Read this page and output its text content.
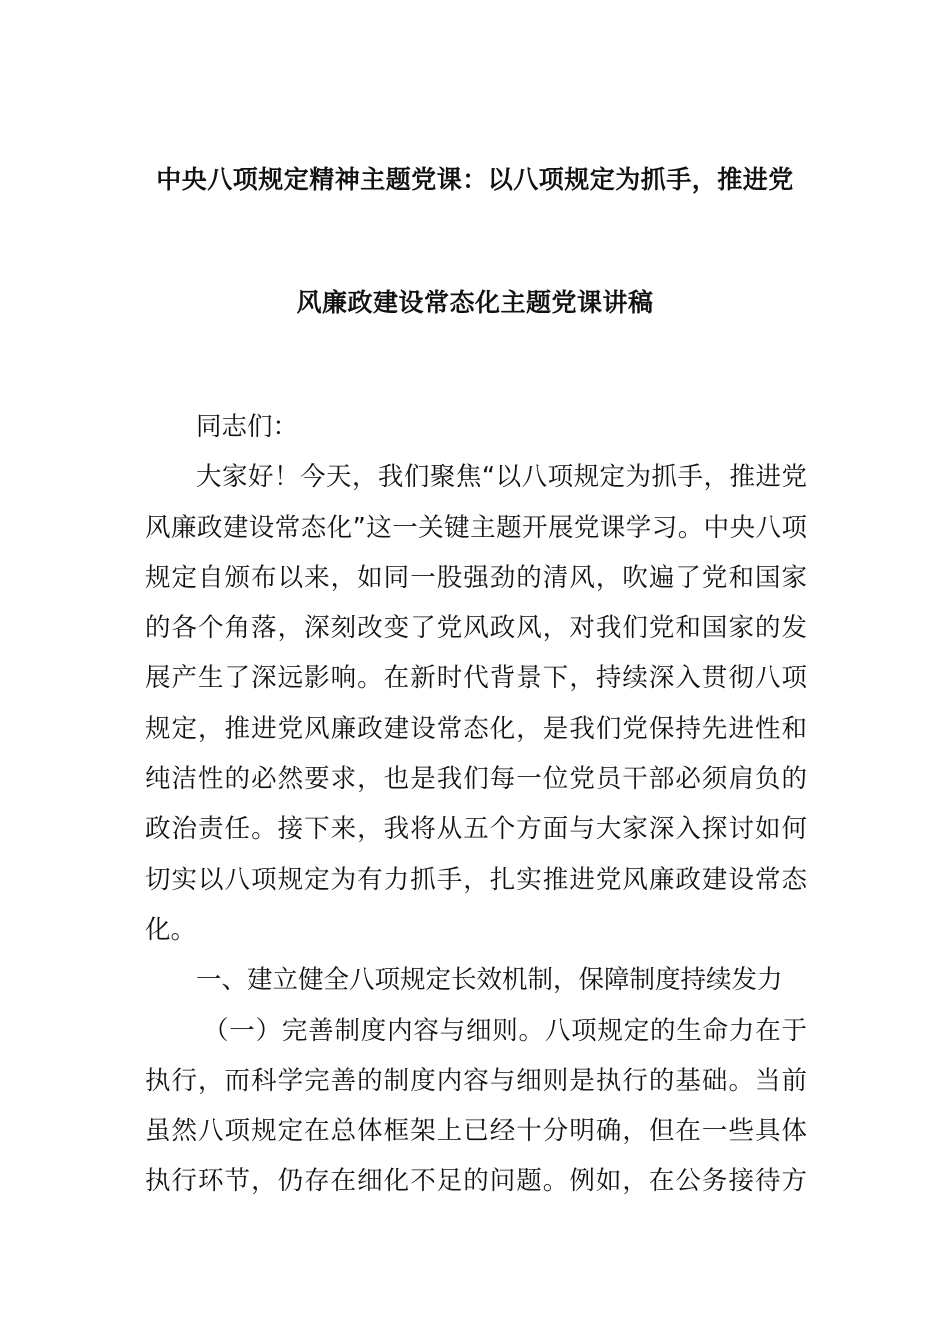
中央八项规定精神主题党课：以八项规定为抓手，推进党
风廉政建设常态化主题党课讲稿
同志们：
大家好！今天，我们聚焦“以八项规定为抓手，推进党
风廉政建设常态化”这一关键主题开展党课学习。中央八项
规定自颁布以来，如同一股强劲的清风，吹遍了党和国家
的各个角落，深刻改变了党风政风，对我们党和国家的发
展产生了深远影响。在新时代背景下，持续深入贯彻八项
规定，推进党风廉政建设常态化，是我们党保持先进性和
纯洁性的必然要求，也是我们每一位党员干部必须肩负的
政治责任。接下来，我将从五个方面与大家深入探讨如何
切实以八项规定为有力抓手，扎实推进党风廉政建设常态
化。
一、建立健全八项规定长效机制，保障制度持续发力
（一）完善制度内容与细则。八项规定的生命力在于
执行，而科学完善的制度内容与细则是执行的基础。当前
虽然八项规定在总体框架上已经十分明确，但在一些具体
执行环节，仍存在细化不足的问题。例如，在公务接待方
